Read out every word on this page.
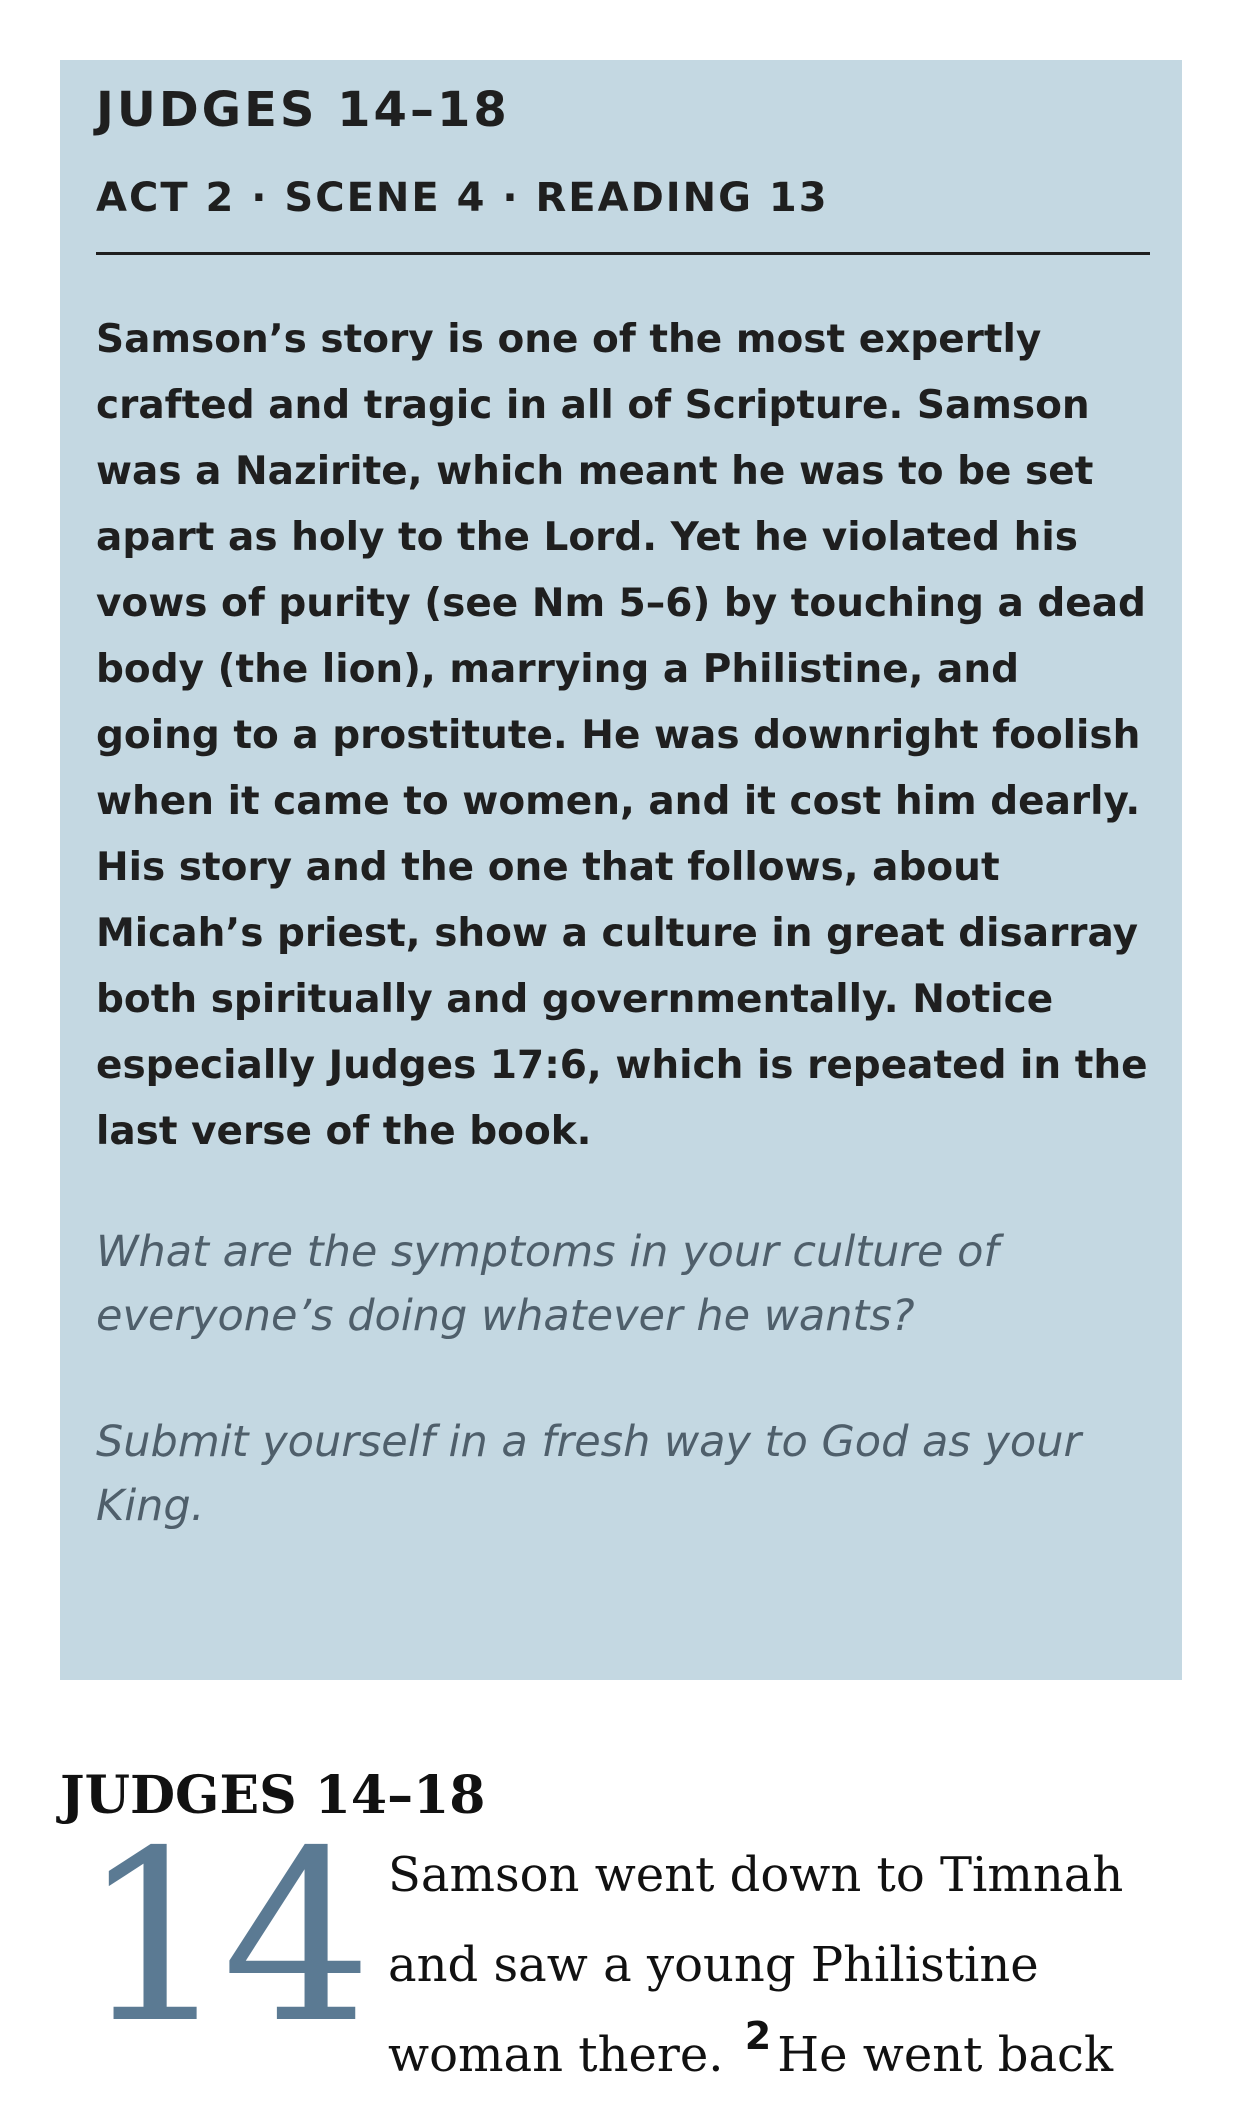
JUDGES 14–18
ACT 2 · SCENE 4 · READING 13

Samson’s story is one of the most expertly crafted and tragic in all of Scripture. Samson was a Nazirite, which meant he was to be set apart as holy to the Lord. Yet he violated his vows of purity (see Nm 5–6) by touching a dead body (the lion), marrying a Philistine, and going to a prostitute. He was downright foolish when it came to women, and it cost him dearly. His story and the one that follows, about Micah’s priest, show a culture in great disarray both spiritually and governmentally. Notice especially Judges 17:6, which is repeated in the last verse of the book.

What are the symptoms in your culture of everyone’s doing whatever he wants?

Submit yourself in a fresh way to God as your King.

JUDGES 14–18
14 Samson went down to Timnah and saw a young Philistine woman there. $^2$ He went back
